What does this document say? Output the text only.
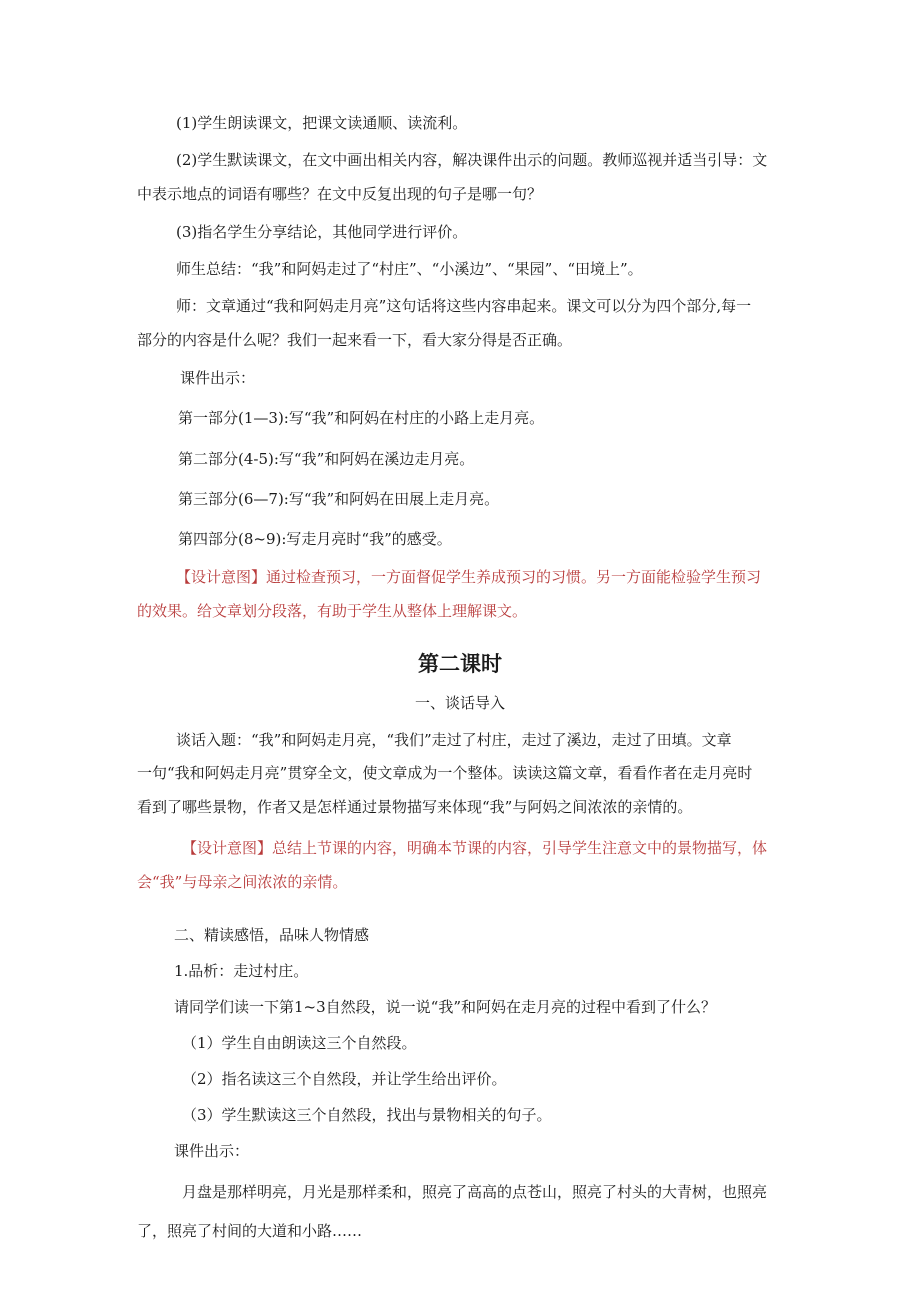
(1)学生朗读课文，把课文读通顺、读流利。
(2)学生默读课文，在文中画出相关内容，解决课件出示的问题。教师巡视并适当引导：文
中表示地点的词语有哪些？在文中反复出现的句子是哪一句？
(3)指名学生分享结论，其他同学进行评价。
师生总结：“我”和阿妈走过了“村庄”、“小溪边”、“果园”、“田境上”。
师：文章通过“我和阿妈走月亮”这句话将这些内容串起来。课文可以分为四个部分,每一
部分的内容是什么呢？我们一起来看一下，看大家分得是否正确。
课件出示：
第一部分(1—3):写“我”和阿妈在村庄的小路上走月亮。
第二部分(4-5):写“我”和阿妈在溪边走月亮。
第三部分(6—7):写“我”和阿妈在田展上走月亮。
第四部分(8~9):写走月亮时“我”的感受。
【设计意图】通过检查预习，一方面督促学生养成预习的习惯。另一方面能检验学生预习
的效果。给文章划分段落，有助于学生从整体上理解课文。
第二课时
一、谈话导入
谈话入题：“我”和阿妈走月亮，“我们”走过了村庄，走过了溪边，走过了田填。文章
一句“我和阿妈走月亮”贯穿全文，使文章成为一个整体。读读这篇文章，看看作者在走月亮时
看到了哪些景物，作者又是怎样通过景物描写来体现“我”与阿妈之间浓浓的亲情的。
【设计意图】总结上节课的内容，明确本节课的内容，引导学生注意文中的景物描写，体
会“我”与母亲之间浓浓的亲情。
二、精读感悟，品味人物情感
1.品析：走过村庄。
请同学们读一下第1~3自然段，说一说“我”和阿妈在走月亮的过程中看到了什么？
（1）学生自由朗读这三个自然段。
（2）指名读这三个自然段，并让学生给出评价。
（3）学生默读这三个自然段，找出与景物相关的句子。
课件出示：
月盘是那样明亮，月光是那样柔和，照亮了高高的点苍山，照亮了村头的大青树，也照亮
了，照亮了村间的大道和小路……
